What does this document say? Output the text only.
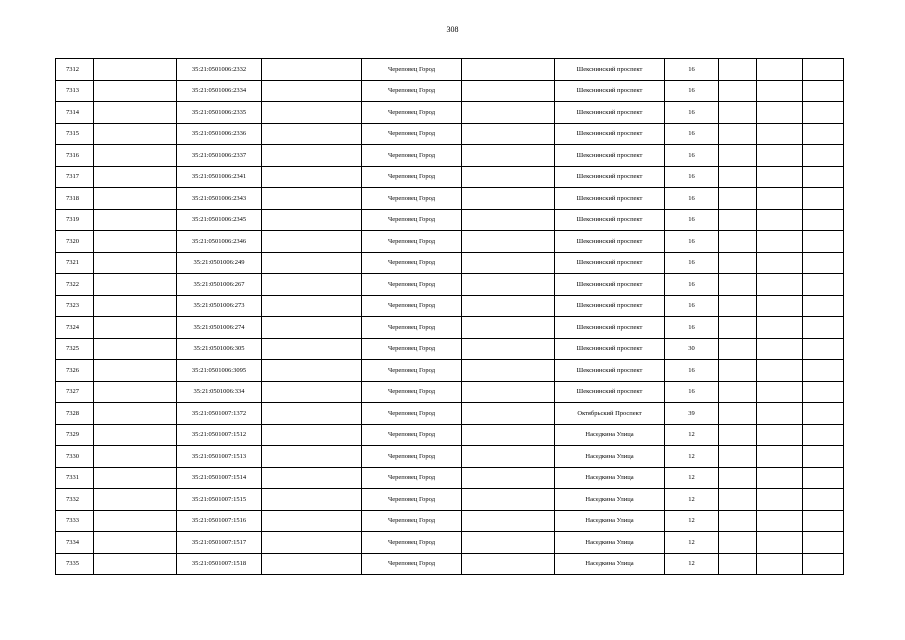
308
7312		35:21:0501006:2332		Череповец Город		Шекснинский проспект	16			
7313		35:21:0501006:2334		Череповец Город		Шекснинский проспект	16			
7314		35:21:0501006:2335		Череповец Город		Шекснинский проспект	16			
7315		35:21:0501006:2336		Череповец Город		Шекснинский проспект	16			
7316		35:21:0501006:2337		Череповец Город		Шекснинский проспект	16			
7317		35:21:0501006:2341		Череповец Город		Шекснинский проспект	16			
7318		35:21:0501006:2343		Череповец Город		Шекснинский проспект	16			
7319		35:21:0501006:2345		Череповец Город		Шекснинский проспект	16			
7320		35:21:0501006:2346		Череповец Город		Шекснинский проспект	16			
7321		35:21:0501006:249		Череповец Город		Шекснинский проспект	16			
7322		35:21:0501006:267		Череповец Город		Шекснинский проспект	16			
7323		35:21:0501006:273		Череповец Город		Шекснинский проспект	16			
7324		35:21:0501006:274		Череповец Город		Шекснинский проспект	16			
7325		35:21:0501006:305		Череповец Город		Шекснинский проспект	30			
7326		35:21:0501006:3095		Череповец Город		Шекснинский проспект	16			
7327		35:21:0501006:334		Череповец Город		Шекснинский проспект	16			
7328		35:21:0501007:1372		Череповец Город		Октябрьский Проспект	39			
7329		35:21:0501007:1512		Череповец Город		Наседкина Улица	12			
7330		35:21:0501007:1513		Череповец Город		Наседкина Улица	12			
7331		35:21:0501007:1514		Череповец Город		Наседкина Улица	12			
7332		35:21:0501007:1515		Череповец Город		Наседкина Улица	12			
7333		35:21:0501007:1516		Череповец Город		Наседкина Улица	12			
7334		35:21:0501007:1517		Череповец Город		Наседкина Улица	12			
7335		35:21:0501007:1518		Череповец Город		Наседкина Улица	12			
